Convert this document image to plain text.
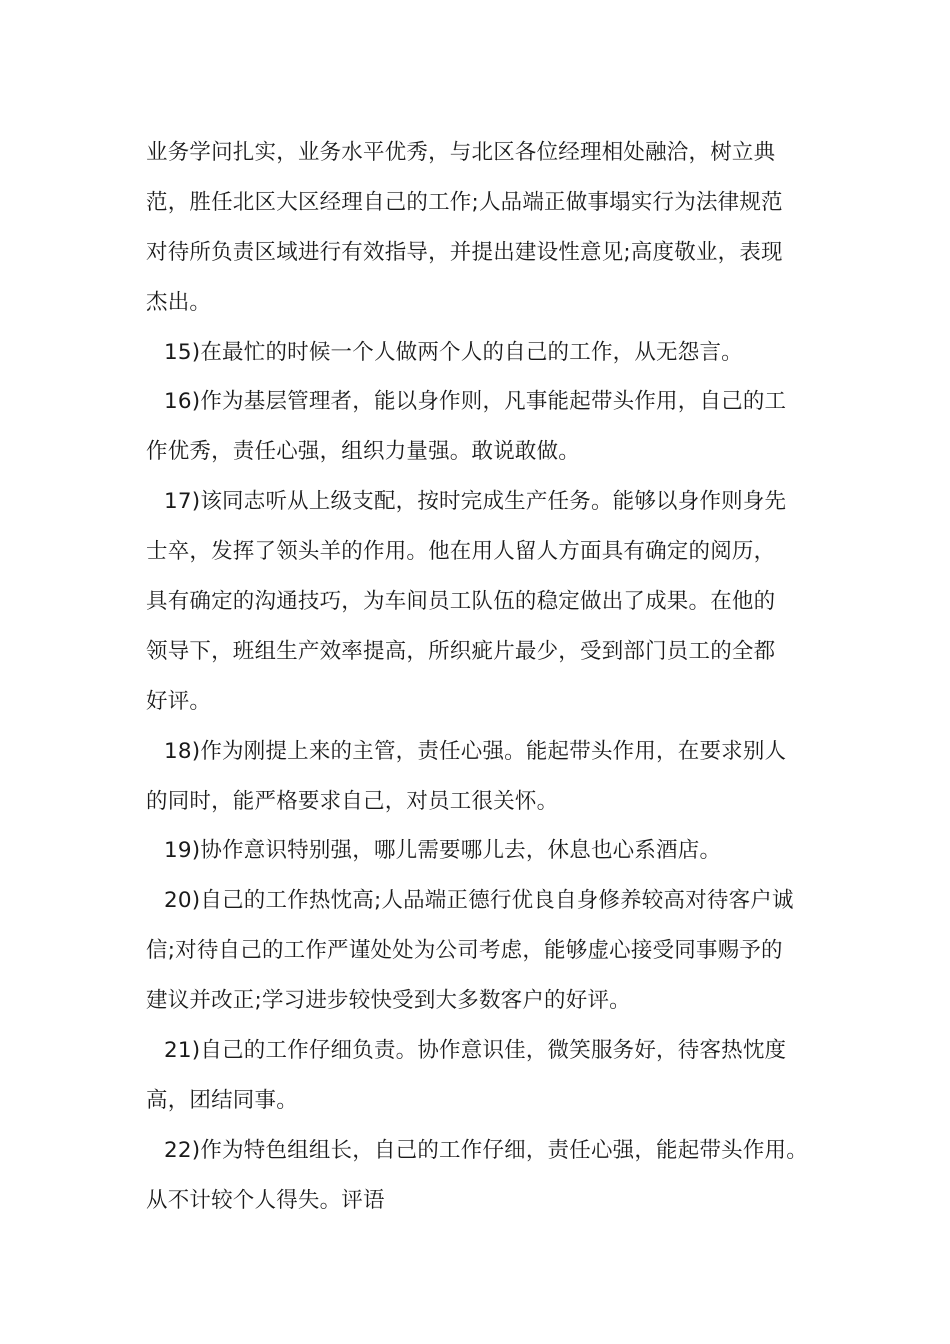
业务学问扎实，业务水平优秀，与北区各位经理相处融洽，树立典
范，胜任北区大区经理自己的工作;人品端正做事塌实行为法律规范
对待所负责区域进行有效指导，并提出建设性意见;高度敬业，表现
杰出。
15)在最忙的时候一个人做两个人的自己的工作，从无怨言。
16)作为基层管理者，能以身作则，凡事能起带头作用，自己的工
作优秀，责任心强，组织力量强。敢说敢做。
17)该同志听从上级支配，按时完成生产任务。能够以身作则身先
士卒，发挥了领头羊的作用。他在用人留人方面具有确定的阅历，
具有确定的沟通技巧，为车间员工队伍的稳定做出了成果。在他的
领导下，班组生产效率提高，所织疵片最少，受到部门员工的全都
好评。
18)作为刚提上来的主管，责任心强。能起带头作用，在要求别人
的同时，能严格要求自己，对员工很关怀。
19)协作意识特别强，哪儿需要哪儿去，休息也心系酒店。
20)自己的工作热忱高;人品端正德行优良自身修养较高对待客户诚
信;对待自己的工作严谨处处为公司考虑，能够虚心接受同事赐予的
建议并改正;学习进步较快受到大多数客户的好评。
21)自己的工作仔细负责。协作意识佳，微笑服务好，待客热忱度
高，团结同事。
22)作为特色组组长，自己的工作仔细，责任心强，能起带头作用。
从不计较个人得失。评语
